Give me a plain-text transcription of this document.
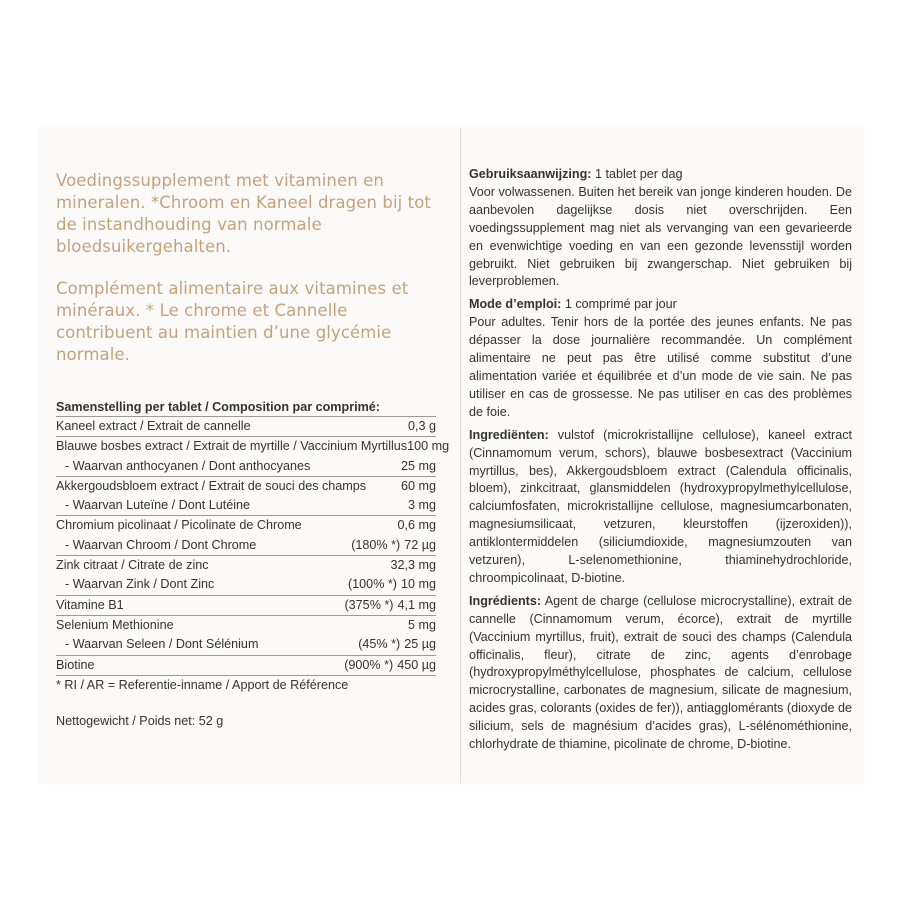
Voedingssupplement met vitaminen en mineralen. *Chroom en Kaneel dragen bij tot de instandhouding van normale bloedsuikergehalten.
Complément alimentaire aux vitamines et minéraux. * Le chrome et Cannelle contribuent au maintien d’une glycémie normale.
Samenstelling per tablet / Composition par comprimé:
Kaneel extract / Extrait de cannelle	0,3 g
Blauwe bosbes extract / Extrait de myrtille / Vaccinium Myrtillus 100 mg
- Waarvan anthocyanen / Dont anthocyanes	25 mg
Akkergoudsbloem extract / Extrait de souci des champs	60 mg
- Waarvan Luteïne / Dont Lutéine	3 mg
Chromium picolinaat / Picolinate de Chrome	0,6 mg
- Waarvan Chroom / Dont Chrome	(180% *) 72 µg
Zink citraat / Citrate de zinc	32,3 mg
- Waarvan Zink / Dont Zinc	(100% *) 10 mg
Vitamine B1	(375% *) 4,1 mg
Selenium Methionine	5 mg
- Waarvan Seleen / Dont Sélénium	(45% *) 25 µg
Biotine	(900% *) 450 µg
* RI / AR = Referentie-inname / Apport de Référence
Nettogewicht / Poids net: 52 g

Gebruiksaanwijzing: 1 tablet per dag

Voor volwassenen. Buiten het bereik van jonge kinderen houden. De aanbevolen dagelijkse dosis niet overschrijden. Een voedingssupplement mag niet als vervanging van een gevarieerde en evenwichtige voeding en van een gezonde levensstijl worden gebruikt. Niet gebruiken bij zwangerschap. Niet gebruiken bij leverproblemen.

Mode d’emploi: 1 comprimé par jour

Pour adultes. Tenir hors de la portée des jeunes enfants. Ne pas dépasser la dose journalière recommandée. Un complément alimentaire ne peut pas être utilisé comme substitut d’une alimentation variée et équilibrée et d’un mode de vie sain. Ne pas utiliser en cas de grossesse. Ne pas utiliser en cas des problèmes de foie.

Ingrediënten: vulstof (microkristallijne cellulose), kaneel extract (Cinnamomum verum, schors), blauwe bosbesextract (Vaccinium myrtillus, bes), Akkergoudsbloem extract (Calendula officinalis, bloem), zinkcitraat, glansmiddelen (hydroxypropylmethylcellulose, calciumfosfaten, microkristallijne cellulose, magnesiumcarbonaten, magnesiumsilicaat, vetzuren, kleurstoffen (ijzeroxiden)), antiklontermiddelen (siliciumdioxide, magnesiumzouten van vetzuren), L-selenomethionine, thiaminehydrochloride, chroompicolinaat, D-biotine.

Ingrédients: Agent de charge (cellulose microcrystalline), extrait de cannelle (Cinnamomum verum, écorce), extrait de myrtille (Vaccinium myrtillus, fruit), extrait de souci des champs (Calendula officinalis, fleur), citrate de zinc, agents d’enrobage (hydroxypropylméthylcellulose, phosphates de calcium, cellulose microcrystalline, carbonates de magnesium, silicate de magnesium, acides gras, colorants (oxides de fer)), antiagglomérants (dioxyde de silicium, sels de magnésium d’acides gras), L-sélénométhionine, chlorhydrate de thiamine, picolinate de chrome, D-biotine.
